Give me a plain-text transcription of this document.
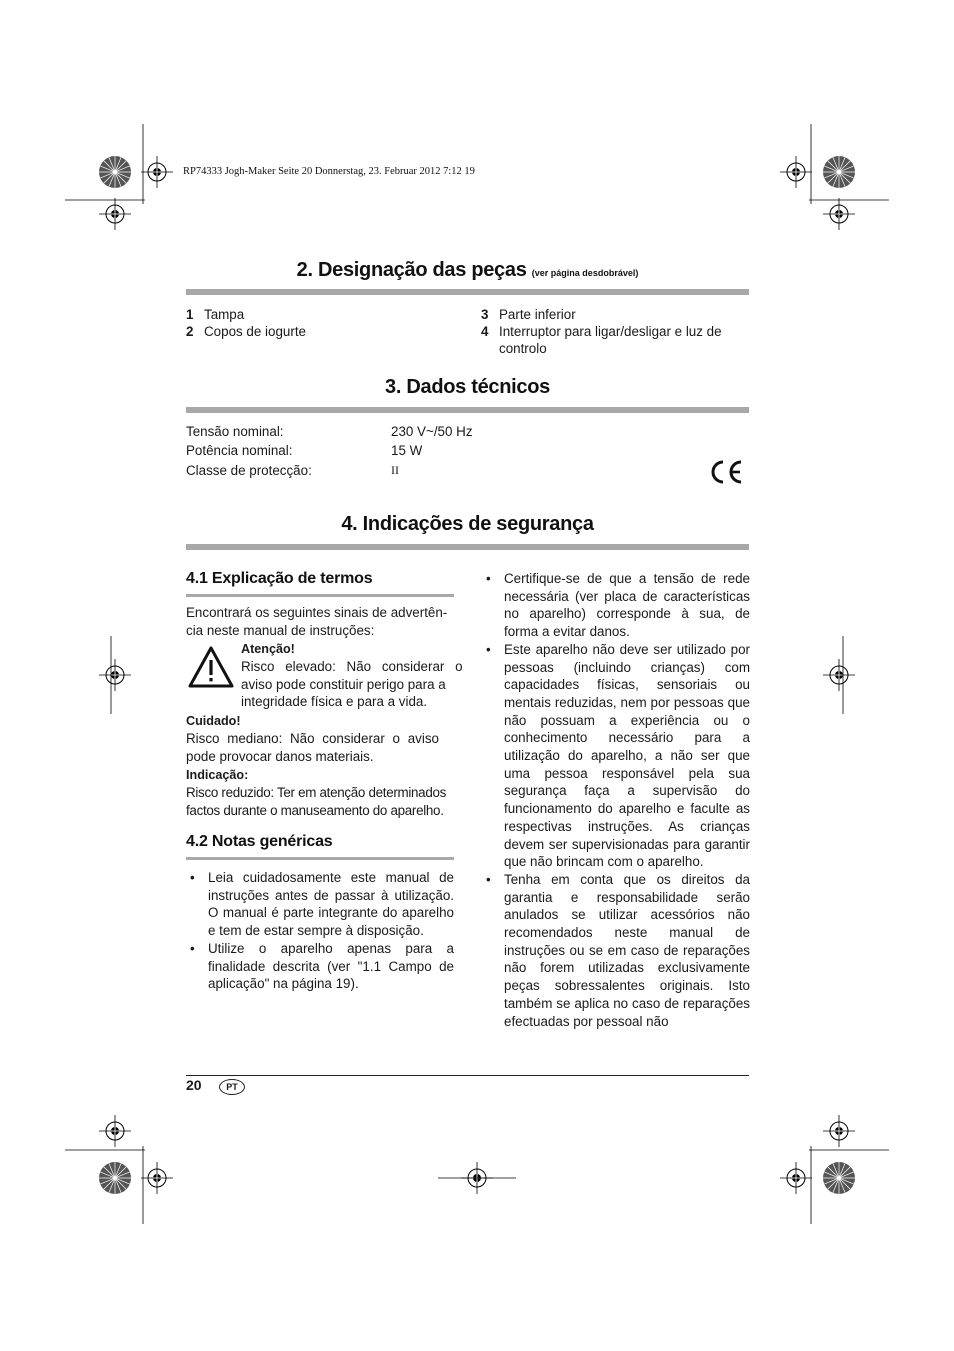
RP74333 Jogh-Maker Seite 20 Donnerstag, 23. Februar 2012 7:12 19
2. Designação das peças (ver página desdobrável)
1 Tampa
2 Copos de iogurte
3 Parte inferior
4 Interruptor para ligar/desligar e luz de
controlo
3. Dados técnicos
Tensão nominal:	230 V~/50 Hz
Potência nominal:	15 W
Classe de protecção:	II
4. Indicações de segurança
4.1 Explicação de termos
Encontrará os seguintes sinais de advertên-
cia neste manual de instruções:
Atenção!
Risco elevado: Não considerar o
aviso pode constituir perigo para a
integridade física e para a vida.
Cuidado!
Risco mediano: Não considerar o aviso
pode provocar danos materiais.
Indicação:
Risco reduzido: Ter em atenção determinados
factos durante o manuseamento do aparelho.
4.2 Notas genéricas
• Leia cuidadosamente este manual de instruções antes de passar à utilização. O manual é parte integrante do aparelho e tem de estar sempre à disposição.
• Utilize o aparelho apenas para a finalidade descrita (ver "1.1 Campo de aplicação" na página 19).
• Certifique-se de que a tensão de rede necessária (ver placa de características no aparelho) corresponde à sua, de forma a evitar danos.
• Este aparelho não deve ser utilizado por pessoas (incluindo crianças) com capacidades físicas, sensoriais ou mentais reduzidas, nem por pessoas que não possuam a experiência ou o conhecimento necessário para a utilização do aparelho, a não ser que uma pessoa responsável pela sua segurança faça a supervisão do funcionamento do aparelho e faculte as respectivas instruções. As crianças devem ser supervisionadas para garantir que não brincam com o aparelho.
• Tenha em conta que os direitos da garantia e responsabilidade serão anulados se utilizar acessórios não recomendados neste manual de instruções ou se em caso de reparações não forem utilizadas exclusivamente peças sobressalentes originais. Isto também se aplica no caso de reparações efectuadas por pessoal não
20	PT
